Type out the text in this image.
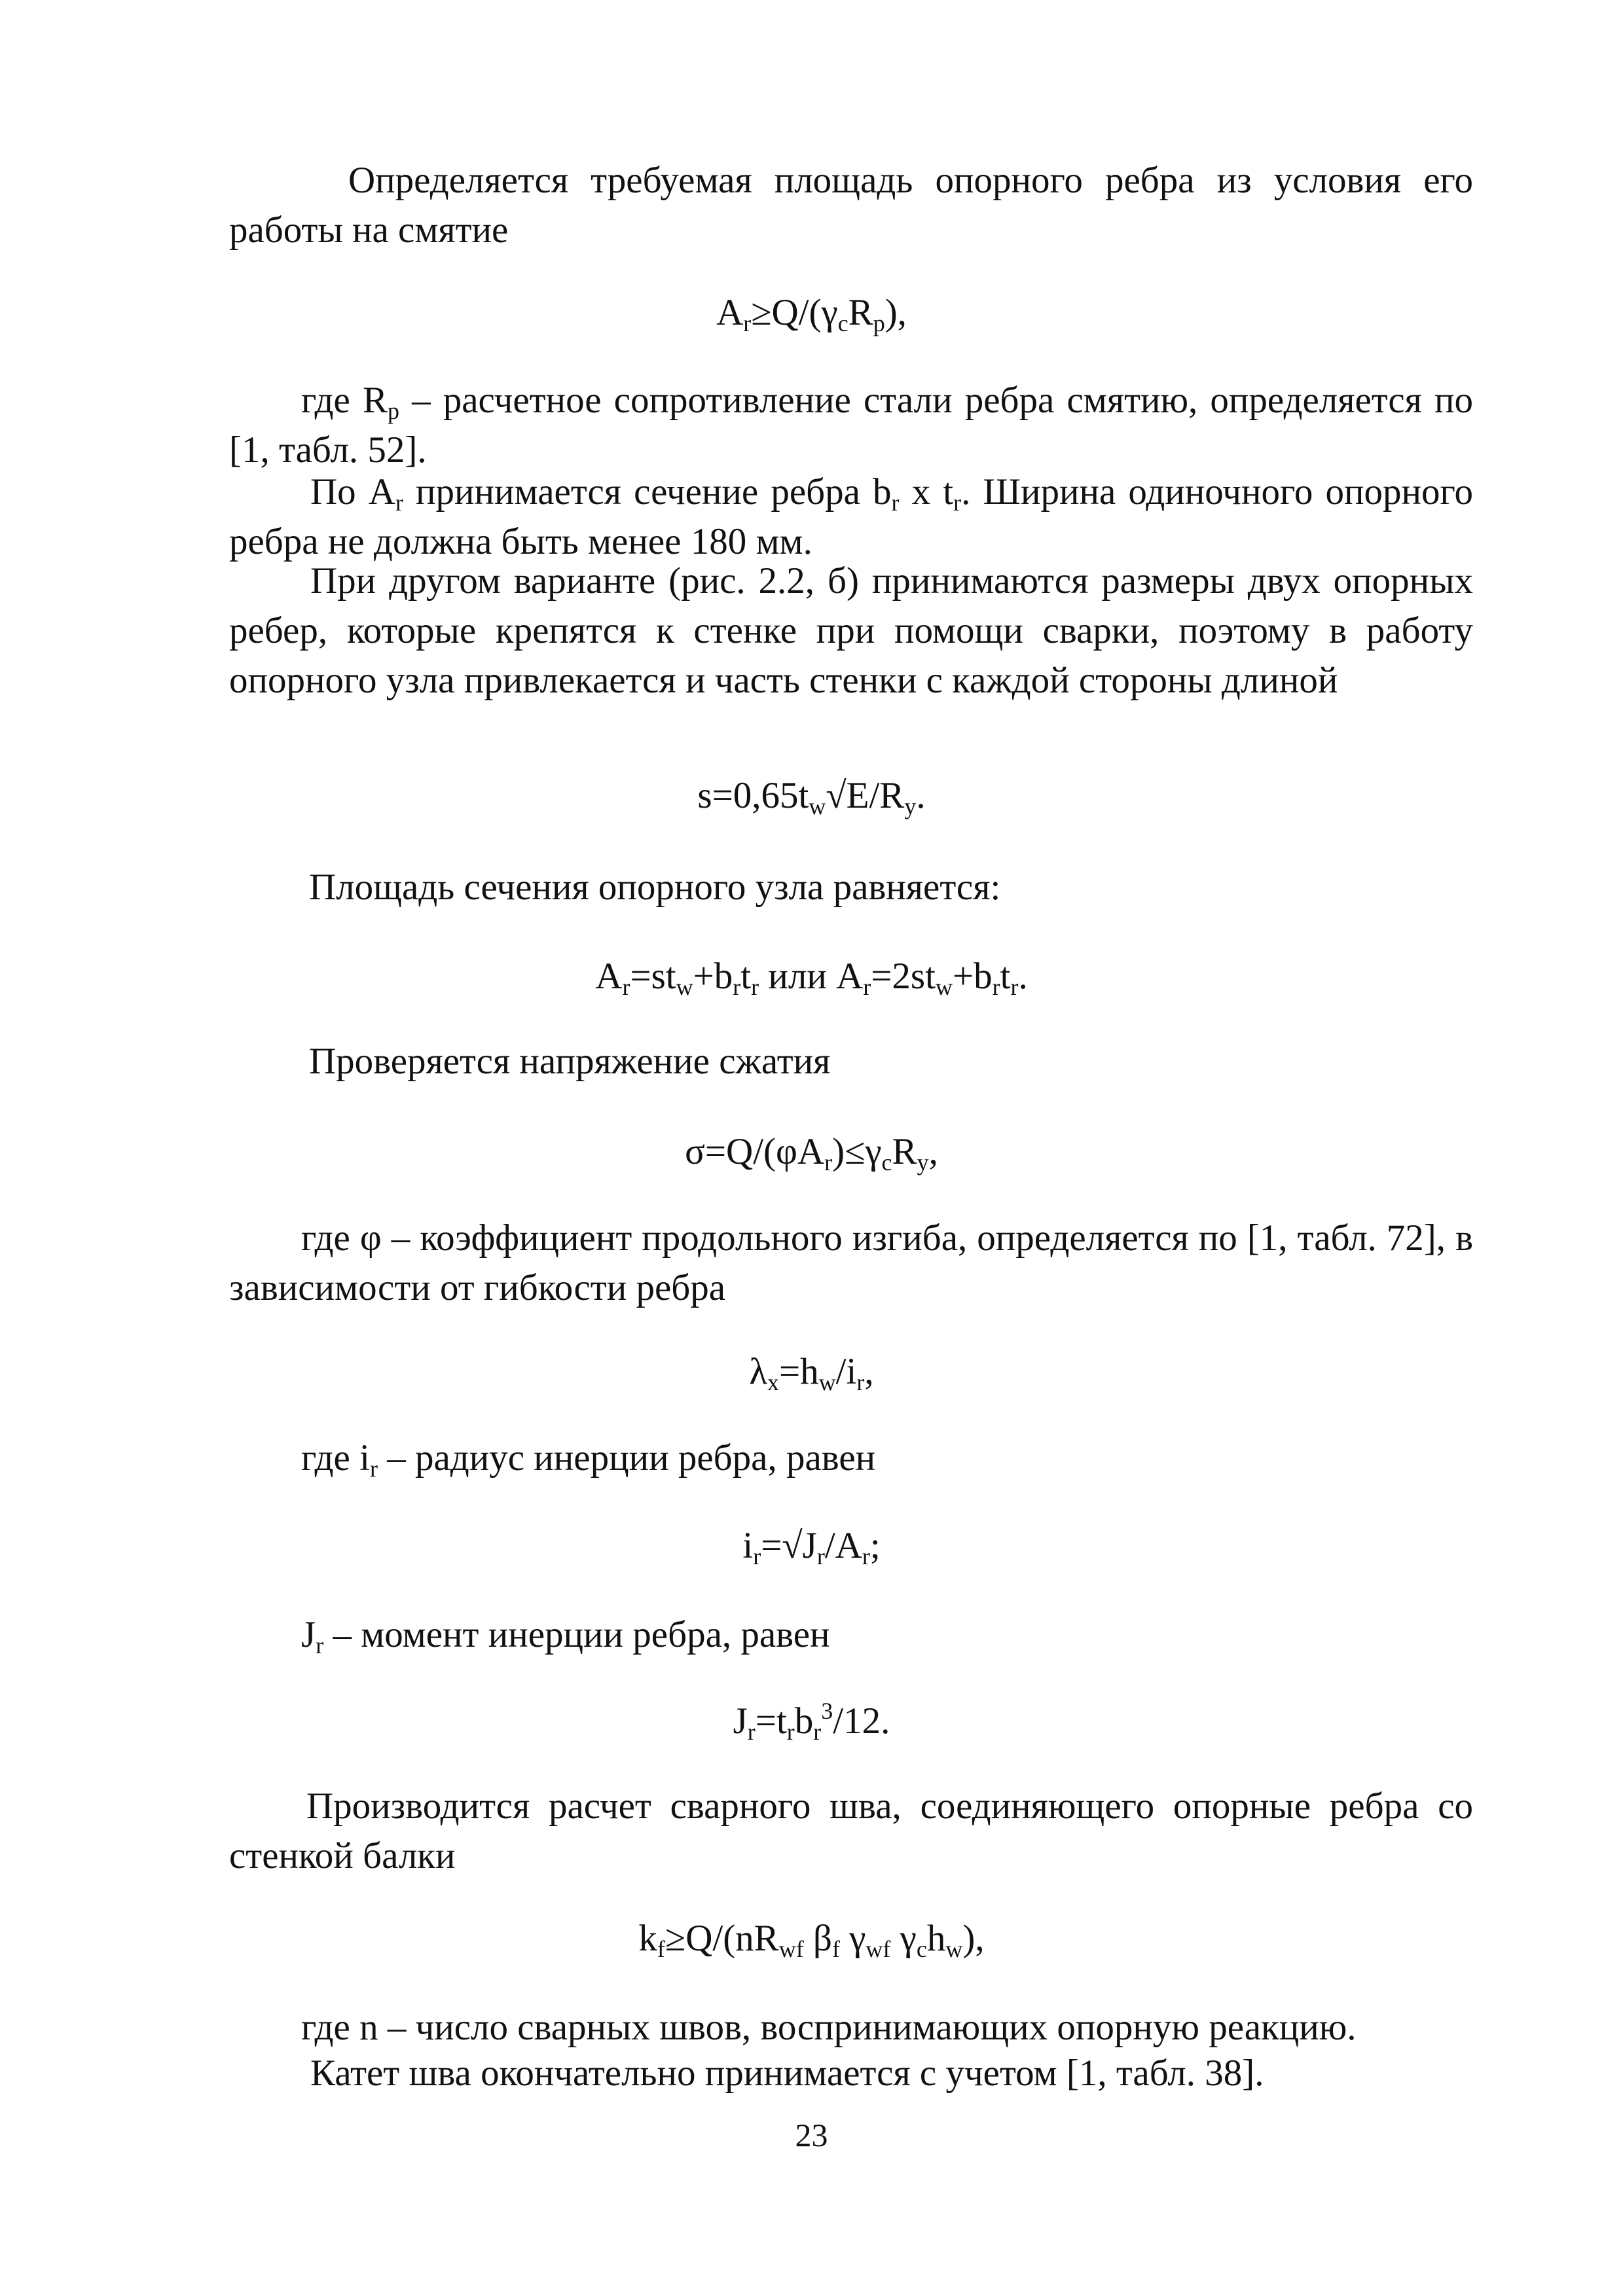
Определяется требуемая площадь опорного ребра из условия его работы на смятие

$A_r\ge Q/(\gamma_cR_p)$,

где $R_p$ – расчетное сопротивление стали ребра смятию, определяется по [1, табл. 52].

По $A_r$ принимается сечение ребра $b_r$ x $t_r$. Ширина одиночного опорного ребра не должна быть менее 180 мм.

При другом варианте (рис. 2.2, б) принимаются размеры двух опорных ребер, которые крепятся к стенке при помощи сварки, поэтому в работу опорного узла привлекается и часть стенки с каждой стороны длиной

$s=0,65t_w√E/R_y$.

Площадь сечения опорного узла равняется:

$A_r=st_w+b_rt_r$ или $A_r=2st_w+b_rt_r$.

Проверяется напряжение сжатия

$\sigma=Q/(\varphi A_r)\le\gamma_cR_y$,

где φ – коэффициент продольного изгиба, определяется по [1, табл. 72], в зависимости от гибкости ребра

$\lambda_x=h_w/i_r$,

где $i_r$ – радиус инерции ребра, равен

$i_r=√J_r/A_r$;

$J_r$ – момент инерции ребра, равен

$J_r=t_rb_r^3/12$.

Производится расчет сварного шва, соединяющего опорные ребра со стенкой балки

$k_f\ge Q/(nR_{wf}$ $\beta_f$ $\gamma_{wf}$ $\gamma_ch_w$),

где n – число сварных швов, воспринимающих опорную реакцию.

Катет шва окончательно принимается с учетом [1, табл. 38].

23
